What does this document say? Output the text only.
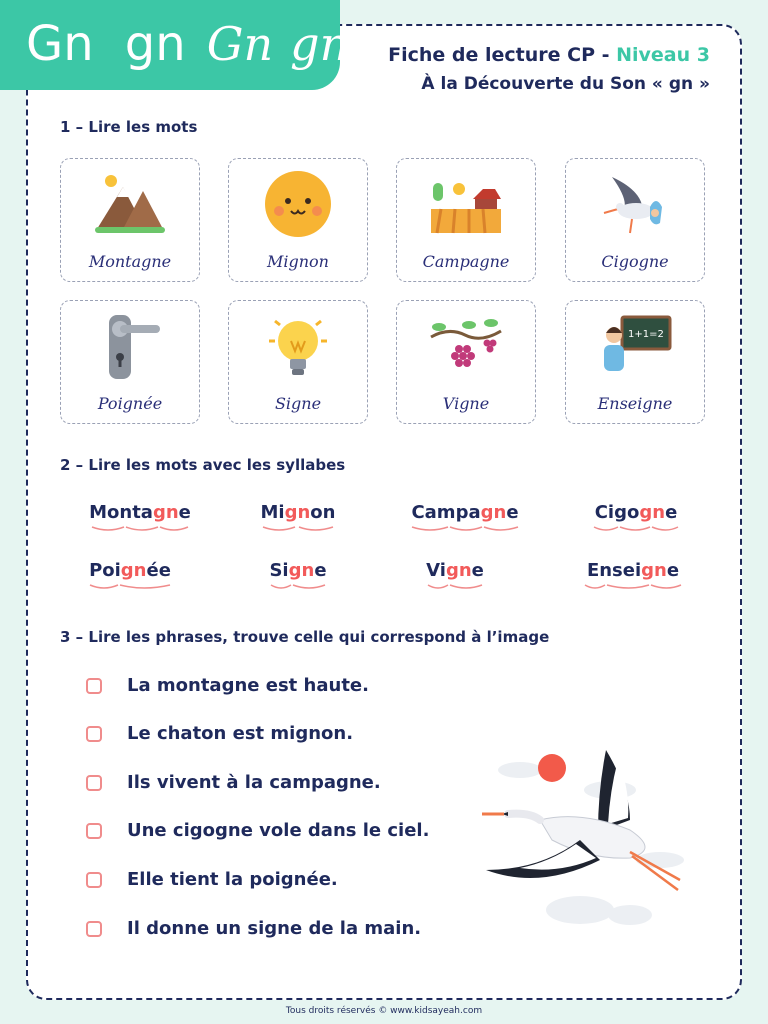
Gn gn Gn gn Fiche de lecture CP - Niveau 3
À la Découverte du Son « gn »
1 – Lire les mots
Montagne	Mignon	Campagne	Cigogne
Poignée	Signe	Vigne
1+1=2
Enseigne
2 – Lire les mots avec les syllabes
Montagne	Mignon	Campagne	Cigogne
Poignée	Signe	Vigne	Enseigne
3 – Lire les phrases, trouve celle qui correspond à l’image
La montagne est haute.
Le chaton est mignon.
Ils vivent à la campagne.
Une cigogne vole dans le ciel.
Elle tient la poignée.
Il donne un signe de la main.
Tous droits réservés © www.kidsayeah.com
